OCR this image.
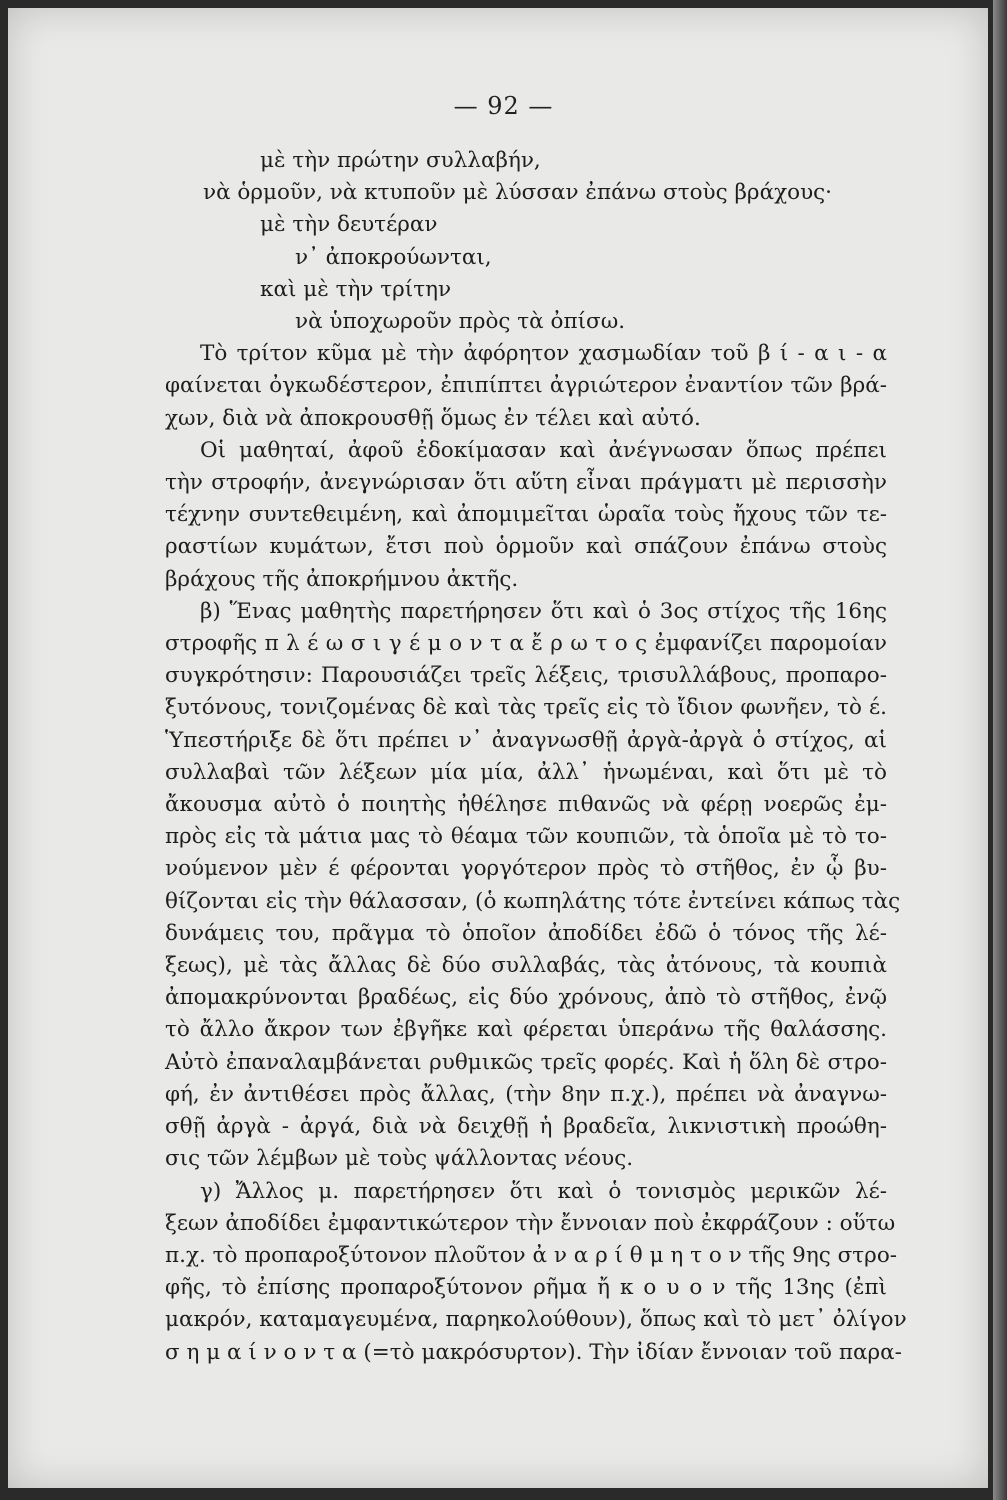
— 92 —
μὲ τὴν πρώτην συλλαβήν,
νὰ ὁρμοῦν, νὰ κτυποῦν μὲ λύσσαν ἐπάνω στοὺς βράχους·
μὲ τὴν δευτέραν
ν᾽ ἀποκρούωνται,
καὶ μὲ τὴν τρίτην
νὰ ὑποχωροῦν πρὸς τὰ ὀπίσω.
Τὸ τρίτον κῦμα μὲ τὴν ἀφόρητον χασμωδίαν τοῦ β ί - α ι - α
φαίνεται ὀγκωδέστερον, ἐπιπίπτει ἀγριώτερον ἐναντίον τῶν βρά-
χων, διὰ νὰ ἀποκρουσθῇ ὅμως ἐν τέλει καὶ αὐτό.
Οἱ μαθηταί, ἀφοῦ ἐδοκίμασαν καὶ ἀνέγνωσαν ὅπως πρέπει
τὴν στροφήν, ἀνεγνώρισαν ὅτι αὕτη εἶναι πράγματι μὲ περισσὴν
τέχνην συντεθειμένη, καὶ ἀπομιμεῖται ὡραῖα τοὺς ἤχους τῶν τε-
ραστίων κυμάτων, ἔτσι ποὺ ὁρμοῦν καὶ σπάζουν ἐπάνω στοὺς
βράχους τῆς ἀποκρήμνου ἀκτῆς.
β) Ἕνας μαθητὴς παρετήρησεν ὅτι καὶ ὁ 3ος στίχος τῆς 16ης
στροφῆς π λ έ ω σ ι γ έ μ ο ν τ α ἔ ρ ω τ ο ς ἐμφανίζει παρομοίαν
συγκρότησιν: Παρουσιάζει τρεῖς λέξεις, τρισυλλάβους, προπαρο-
ξυτόνους, τονιζομένας δὲ καὶ τὰς τρεῖς εἰς τὸ ἴδιον φωνῆεν, τὸ έ.
Ὑπεστήριξε δὲ ὅτι πρέπει ν᾽ ἀναγνωσθῇ ἀργὰ-ἀργὰ ὁ στίχος, αἱ
συλλαβαὶ τῶν λέξεων μία μία, ἀλλ᾽ ἡνωμέναι, καὶ ὅτι μὲ τὸ
ἄκουσμα αὐτὸ ὁ ποιητὴς ἠθέλησε πιθανῶς νὰ φέρῃ νοερῶς ἐμ-
πρὸς εἰς τὰ μάτια μας τὸ θέαμα τῶν κουπιῶν, τὰ ὁποῖα μὲ τὸ το-
νούμενον μὲν έ φέρονται γοργότερον πρὸς τὸ στῆθος, ἐν ᾧ βυ-
θίζονται εἰς τὴν θάλασσαν, (ὁ κωπηλάτης τότε ἐντείνει κάπως τὰς
δυνάμεις του, πρᾶγμα τὸ ὁποῖον ἀποδίδει ἐδῶ ὁ τόνος τῆς λέ-
ξεως), μὲ τὰς ἄλλας δὲ δύο συλλαβάς, τὰς ἀτόνους, τὰ κουπιὰ
ἀπομακρύνονται βραδέως, εἰς δύο χρόνους, ἀπὸ τὸ στῆθος, ἐνῷ
τὸ ἄλλο ἄκρον των ἐβγῆκε καὶ φέρεται ὑπεράνω τῆς θαλάσσης.
Αὐτὸ ἐπαναλαμβάνεται ρυθμικῶς τρεῖς φορές. Καὶ ἡ ὅλη δὲ στρο-
φή, ἐν ἀντιθέσει πρὸς ἄλλας, (τὴν 8ην π.χ.), πρέπει νὰ ἀναγνω-
σθῇ ἀργὰ - ἀργά, διὰ νὰ δειχθῇ ἡ βραδεῖα, λικνιστικὴ προώθη-
σις τῶν λέμβων μὲ τοὺς ψάλλοντας νέους.
γ) Ἄλλος μ. παρετήρησεν ὅτι καὶ ὁ τονισμὸς μερικῶν λέ-
ξεων ἀποδίδει ἐμφαντικώτερον τὴν ἔννοιαν ποὺ ἐκφράζουν : οὕτω
π.χ. τὸ προπαροξύτονον πλοῦτον ἀ ν α ρ ί θ μ η τ ο ν τῆς 9ης στρο-
φῆς, τὸ ἐπίσης προπαροξύτονον ρῆμα ἤ κ ο υ ο ν τῆς 13ης (ἐπὶ
μακρόν, καταμαγευμένα, παρηκολούθουν), ὅπως καὶ τὸ μετ᾽ ὀλίγον
σ η μ α ί ν ο ν τ α (=τὸ μακρόσυρτον). Τὴν ἰδίαν ἔννοιαν τοῦ παρα-
